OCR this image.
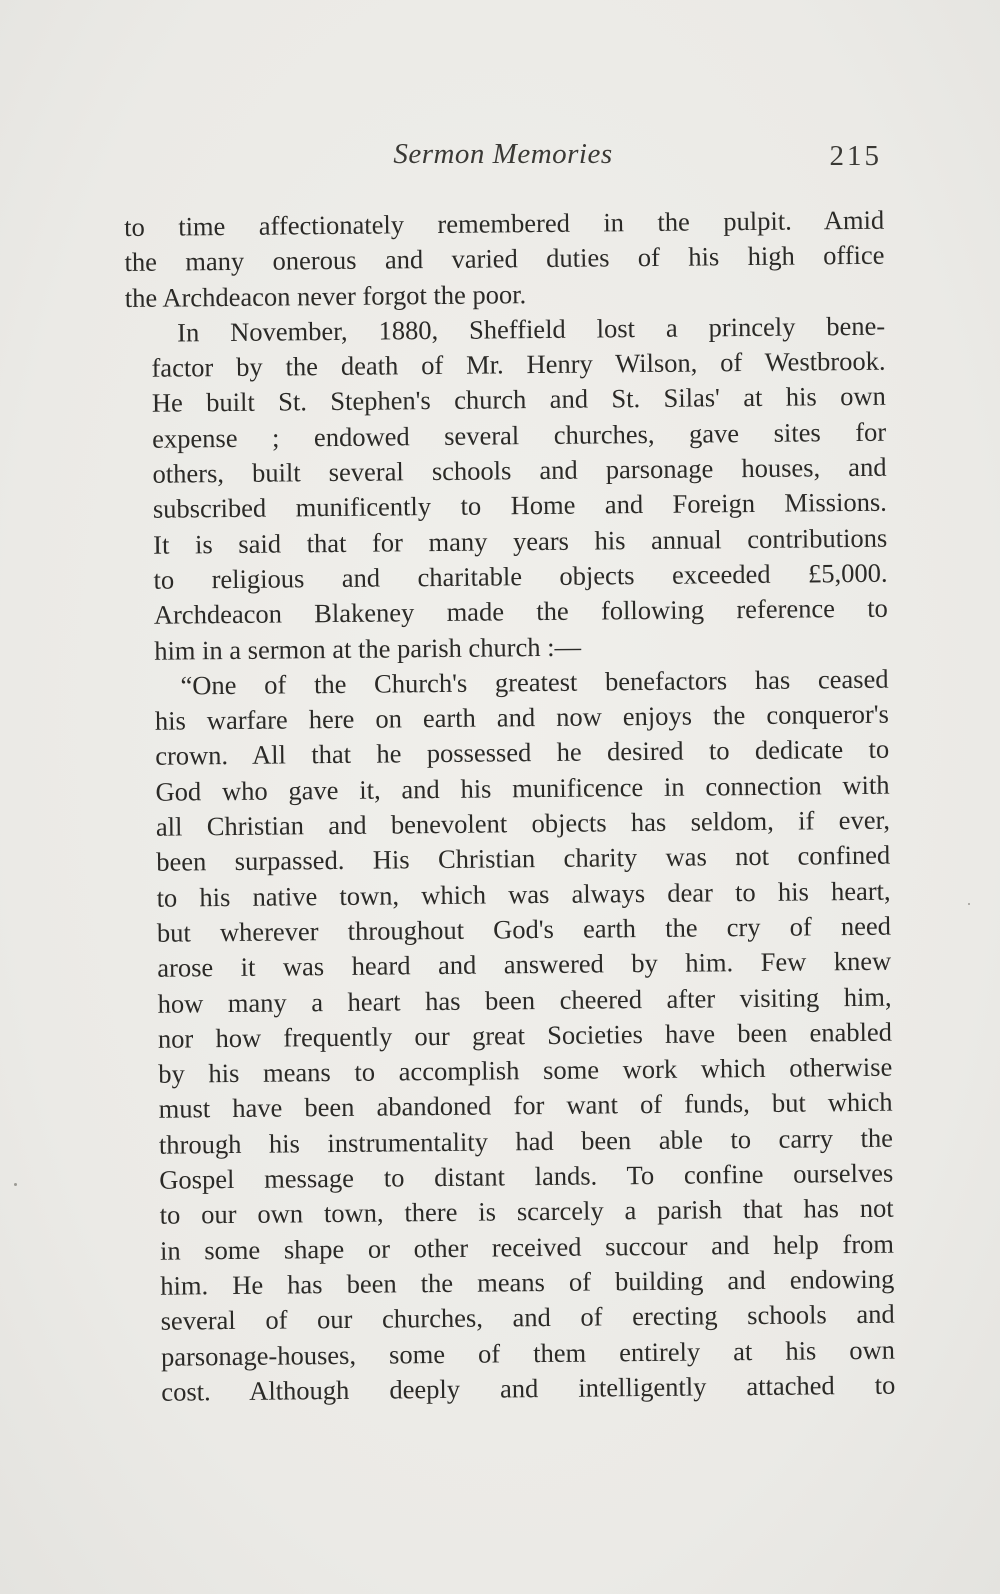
Sermon Memories	215

to time affectionately remembered in the pulpit. Amid
the many onerous and varied duties of his high office
the Archdeacon never forgot the poor.

In November, 1880, Sheffield lost a princely bene-
factor by the death of Mr. Henry Wilson, of Westbrook.
He built St. Stephen's church and St. Silas' at his own
expense ; endowed several churches, gave sites for
others, built several schools and parsonage houses, and
subscribed munificently to Home and Foreign Missions.
It is said that for many years his annual contributions
to religious and charitable objects exceeded £5,000.
Archdeacon Blakeney made the following reference to
him in a sermon at the parish church :—

“One of the Church's greatest benefactors has ceased
his warfare here on earth and now enjoys the conqueror's
crown. All that he possessed he desired to dedicate to
God who gave it, and his munificence in connection with
all Christian and benevolent objects has seldom, if ever,
been surpassed. His Christian charity was not confined
to his native town, which was always dear to his heart,
but wherever throughout God's earth the cry of need
arose it was heard and answered by him. Few knew
how many a heart has been cheered after visiting him,
nor how frequently our great Societies have been enabled
by his means to accomplish some work which otherwise
must have been abandoned for want of funds, but which
through his instrumentality had been able to carry the
Gospel message to distant lands. To confine ourselves
to our own town, there is scarcely a parish that has not
in some shape or other received succour and help from
him. He has been the means of building and endowing
several of our churches, and of erecting schools and
parsonage-houses, some of them entirely at his own
cost. Although deeply and intelligently attached to
